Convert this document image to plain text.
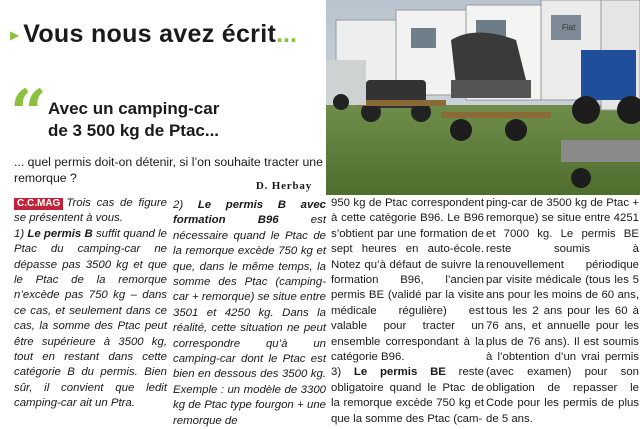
▶ Vous nous avez écrit ...	Fiat
“ Avec un camping-car
de 3 500 kg de Ptac...
... quel permis doit-on détenir, si l’on souhaite tracter une remorque ?
D. Herbay

C.C.MAG Trois cas de figure se présentent à vous.

1) Le permis B suffit quand le Ptac du camping-car ne dépasse pas 3500 kg et que le Ptac de la remorque n’excède pas 750 kg – dans ce cas, et seulement dans ce cas, la somme des Ptac peut être supérieure à 3500 kg, tout en restant dans cette catégorie B du permis. Bien sûr, il convient que ledit camping-car ait un Ptra.

2) Le permis B avec formation B96	est nécessaire quand le Ptac de la remorque excède 750 kg et que, dans le même temps, la somme des Ptac (camping-car + remorque) se situe entre 3501 et 4250 kg. Dans la réalité, cette situation ne peut correspondre qu’à un camping-car dont le Ptac est bien en dessous des 3500 kg. Exemple : un modèle de 3300 kg de Ptac type fourgon + une remorque de

950 kg de Ptac correspondent à cette catégorie B96. Le B96 s’obtient par une formation de sept heures en auto-école. Notez qu’à défaut de suivre la formation B96, l’ancien permis BE (validé par la visite médicale régulière) est valable pour tracter un ensemble correspondant à la catégorie B96.

3) Le permis BE reste obligatoire quand le Ptac de la remorque excède 750 kg et que la somme des Ptac (cam-

ping-car de 3500 kg de Ptac + remorque) se situe entre 4251 et 7000 kg. Le permis BE reste soumis à renouvellement périodique par visite médicale (tous les 5 ans pour les moins de 60 ans, tous les 2 ans pour les 60 à 76 ans, et annuelle pour les plus de 76 ans). Il est soumis à l’obtention d’un vrai permis (avec examen) pour son obligation de repasser le Code pour les permis de plus de 5 ans.
